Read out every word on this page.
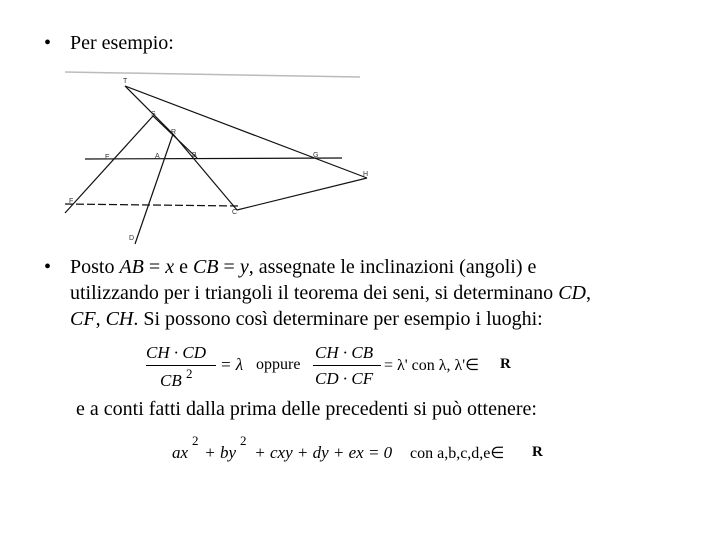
• Per esempio:
T
S
R
E	A	B	G
H
F
C
D
• Posto AB = x e CB = y, assegnate le inclinazioni (angoli) e
utilizzando per i triangoli il teorema dei seni, si determinano CD,
CF, CH. Si possono così determinare per esempio i luoghi:
CH · CD
CB 2 = λ oppure
CH · CB
CD · CF
= λ' con λ, λ'∈ R
e a conti fatti dalla prima delle precedenti si può ottenere:
ax
2
+ by
2
+ cxy + dy + ex = 0 con a,b,c,d,e∈ R
